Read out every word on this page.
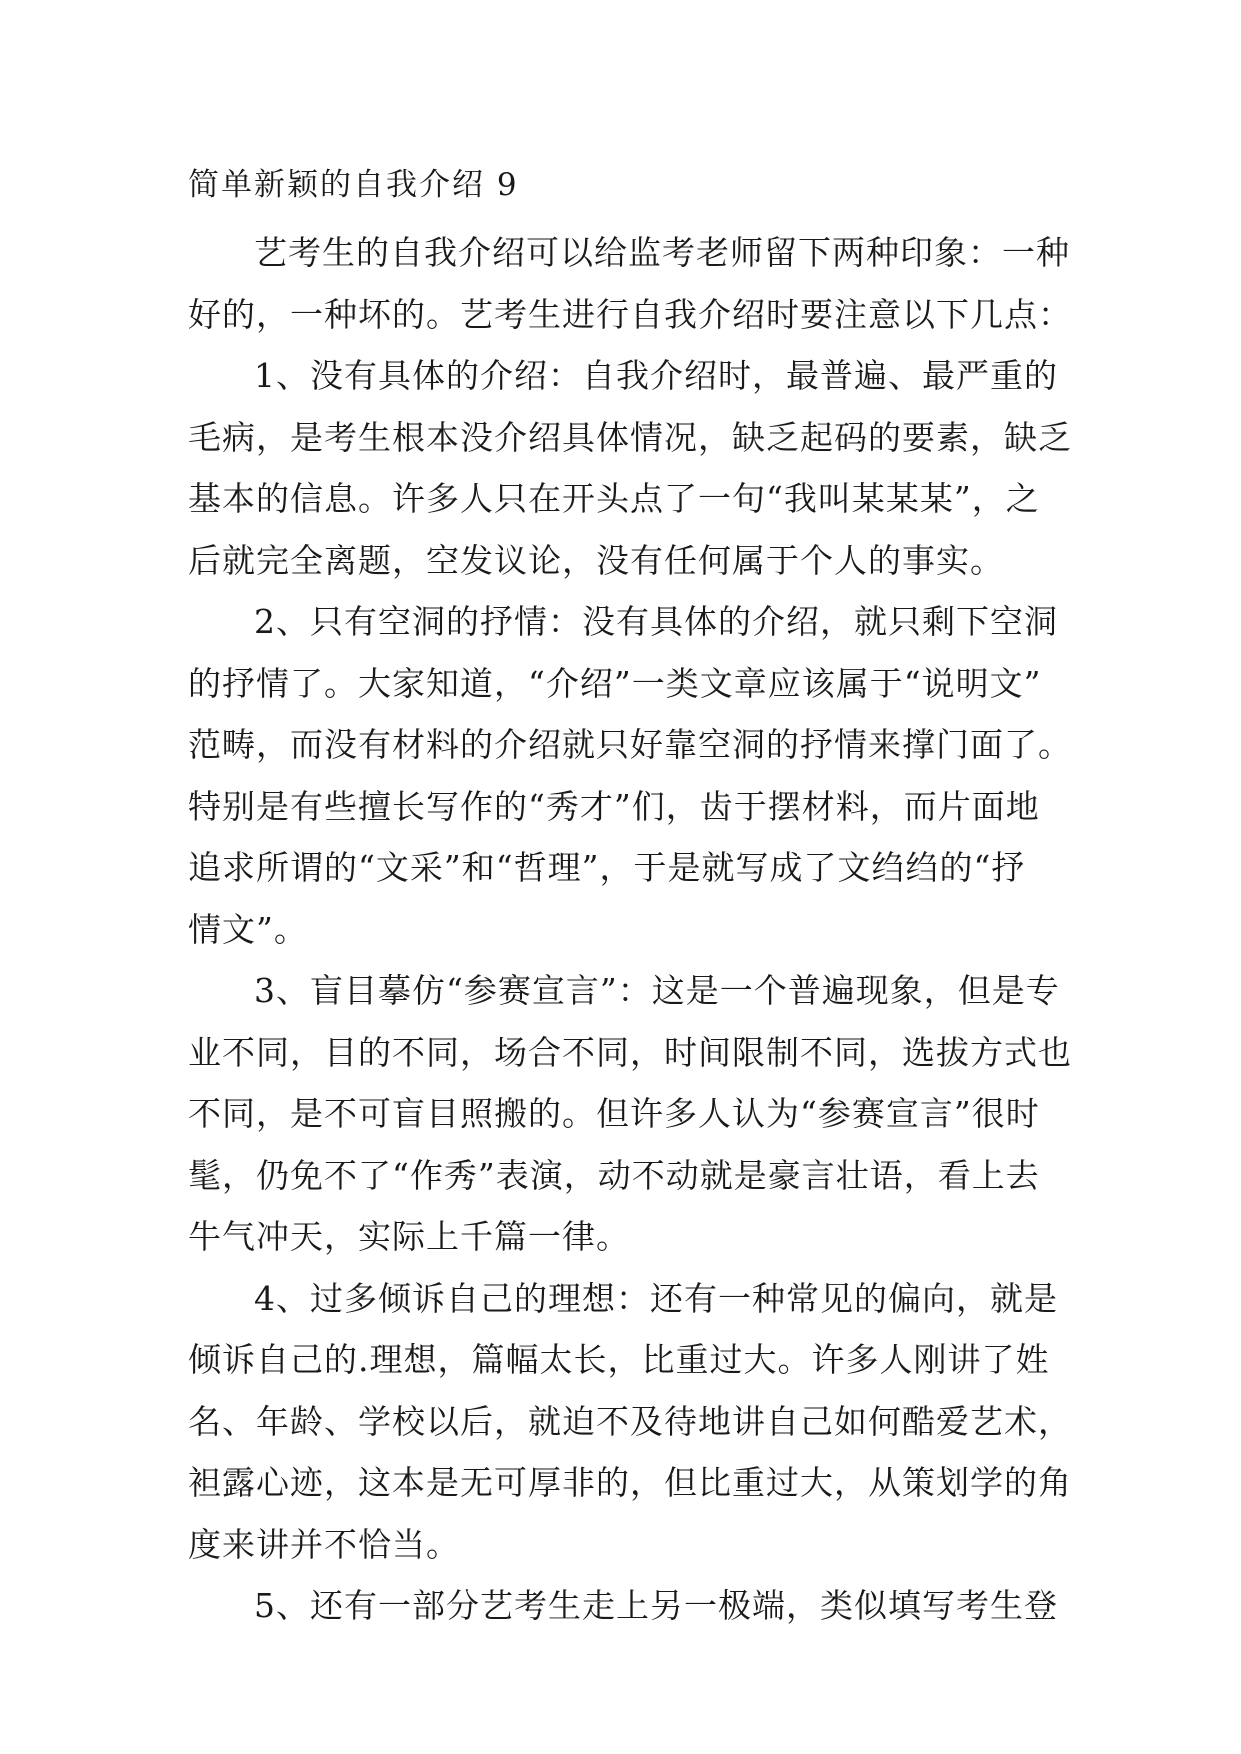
简单新颖的自我介绍 9

艺考生的自我介绍可以给监考老师留下两种印象：一种
好的，一种坏的。艺考生进行自我介绍时要注意以下几点：

1、没有具体的介绍：自我介绍时，最普遍、最严重的
毛病，是考生根本没介绍具体情况，缺乏起码的要素，缺乏
基本的信息。许多人只在开头点了一句“我叫某某某”，之
后就完全离题，空发议论，没有任何属于个人的事实。

2、只有空洞的抒情：没有具体的介绍，就只剩下空洞
的抒情了。大家知道，“介绍”一类文章应该属于“说明文”
范畴，而没有材料的介绍就只好靠空洞的抒情来撑门面了。
特别是有些擅长写作的“秀才”们，齿于摆材料，而片面地
追求所谓的“文采”和“哲理”，于是就写成了文绉绉的“抒
情文”。

3、盲目摹仿“参赛宣言”：这是一个普遍现象，但是专
业不同，目的不同，场合不同，时间限制不同，选拔方式也
不同，是不可盲目照搬的。但许多人认为“参赛宣言”很时
髦，仍免不了“作秀”表演，动不动就是豪言壮语，看上去
牛气冲天，实际上千篇一律。

4、过多倾诉自己的理想：还有一种常见的偏向，就是
倾诉自己的.理想，篇幅太长，比重过大。许多人刚讲了姓
名、年龄、学校以后，就迫不及待地讲自己如何酷爱艺术，
袒露心迹，这本是无可厚非的，但比重过大，从策划学的角
度来讲并不恰当。

5、还有一部分艺考生走上另一极端，类似填写考生登
